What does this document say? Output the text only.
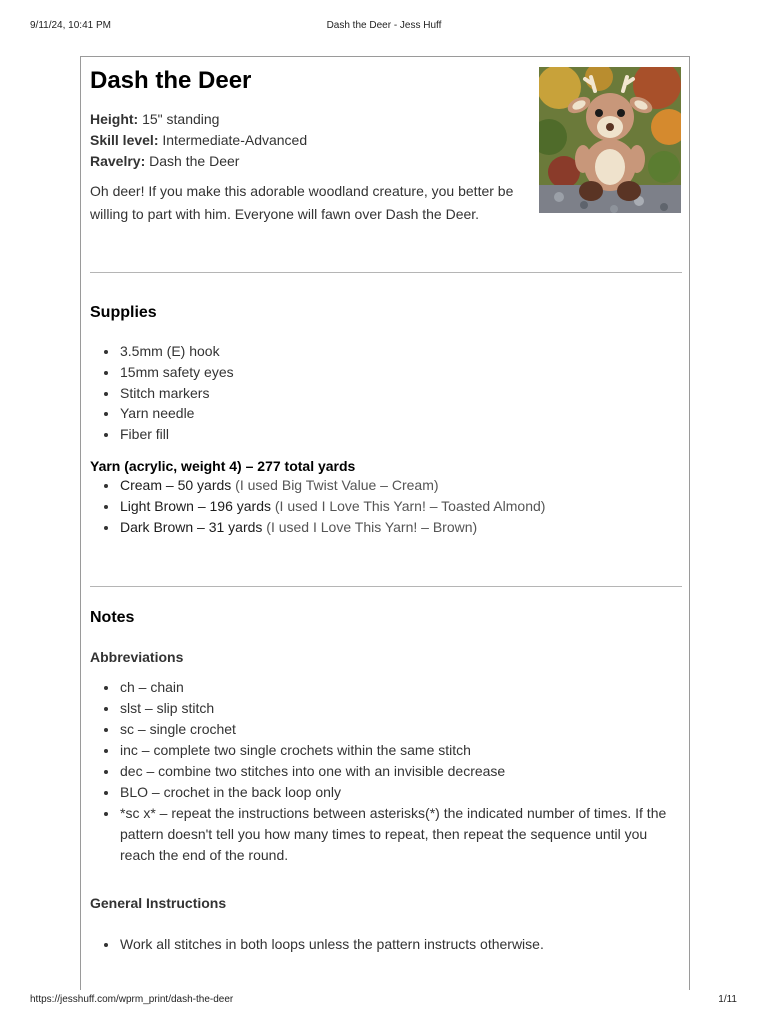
9/11/24, 10:41 PM	Dash the Deer - Jess Huff
Dash the Deer
Height: 15" standing
Skill level: Intermediate-Advanced
Ravelry: Dash the Deer
Oh deer! If you make this adorable woodland creature, you better be willing to part with him. Everyone will fawn over Dash the Deer.
Supplies
3.5mm (E) hook
15mm safety eyes
Stitch markers
Yarn needle
Fiber fill
Yarn (acrylic, weight 4) – 277 total yards
Cream – 50 yards (I used Big Twist Value – Cream)
Light Brown – 196 yards (I used I Love This Yarn! – Toasted Almond)
Dark Brown – 31 yards (I used I Love This Yarn! – Brown)
Notes
Abbreviations
ch – chain
slst – slip stitch
sc – single crochet
inc – complete two single crochets within the same stitch
dec – combine two stitches into one with an invisible decrease
BLO – crochet in the back loop only
*sc x* – repeat the instructions between asterisks(*) the indicated number of times. If the pattern doesn't tell you how many times to repeat, then repeat the sequence until you reach the end of the round.
General Instructions
Work all stitches in both loops unless the pattern instructs otherwise.
https://jesshuff.com/wprm_print/dash-the-deer	1/11
